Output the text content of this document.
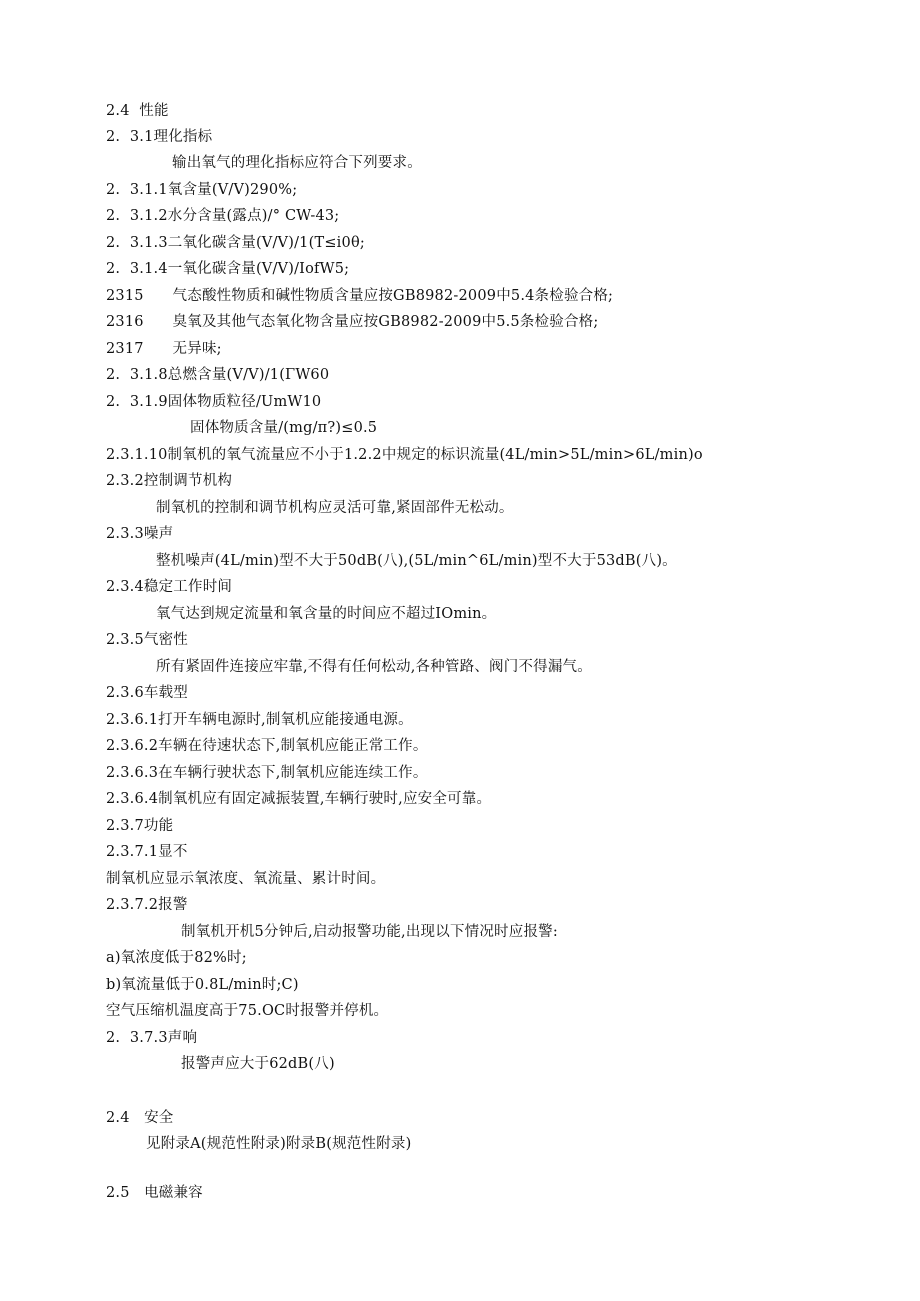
2.4  性能
2.  3.1理化指标
输出氧气的理化指标应符合下列要求。
2.  3.1.1氧含量(V/V)290%;
2.  3.1.2水分含量(露点)/° CW-43;
2.  3.1.3二氧化碳含量(V/V)/1(T≤i0θ;
2.  3.1.4一氧化碳含量(V/V)/IofW5;
2315      气态酸性物质和碱性物质含量应按GB8982-2009中5.4条检验合格;
2316      臭氧及其他气态氧化物含量应按GB8982-2009中5.5条检验合格;
2317      无异味;
2.  3.1.8总燃含量(V/V)/1(ΓW60
2.  3.1.9固体物质粒径/UmW10
固体物质含量/(mg/π?)≤0.5
2.3.1.10制氧机的氧气流量应不小于1.2.2中规定的标识流量(4L/min>5L/min>6L/min)o
2.3.2控制调节机构
制氧机的控制和调节机构应灵活可靠,紧固部件无松动。
2.3.3噪声
整机噪声(4L/min)型不大于50dB(八),(5L/min^6L/min)型不大于53dB(八)。
2.3.4稳定工作时间
氧气达到规定流量和氧含量的时间应不超过IOmin。
2.3.5气密性
所有紧固件连接应牢靠,不得有任何松动,各种管路、阀门不得漏气。
2.3.6车载型
2.3.6.1打开车辆电源时,制氧机应能接通电源。
2.3.6.2车辆在待速状态下,制氧机应能正常工作。
2.3.6.3在车辆行驶状态下,制氧机应能连续工作。
2.3.6.4制氧机应有固定减振装置,车辆行驶时,应安全可靠。
2.3.7功能
2.3.7.1显不
制氧机应显示氧浓度、氧流量、累计时间。
2.3.7.2报警
制氧机开机5分钟后,启动报警功能,出现以下情况时应报警:
a)氧浓度低于82%时;
b)氧流量低于0.8L/min时;C)
空气压缩机温度高于75.OC时报警并停机。
2.  3.7.3声响
报警声应大于62dB(八)
2.4   安全
见附录A(规范性附录)附录B(规范性附录)
2.5   电磁兼容
